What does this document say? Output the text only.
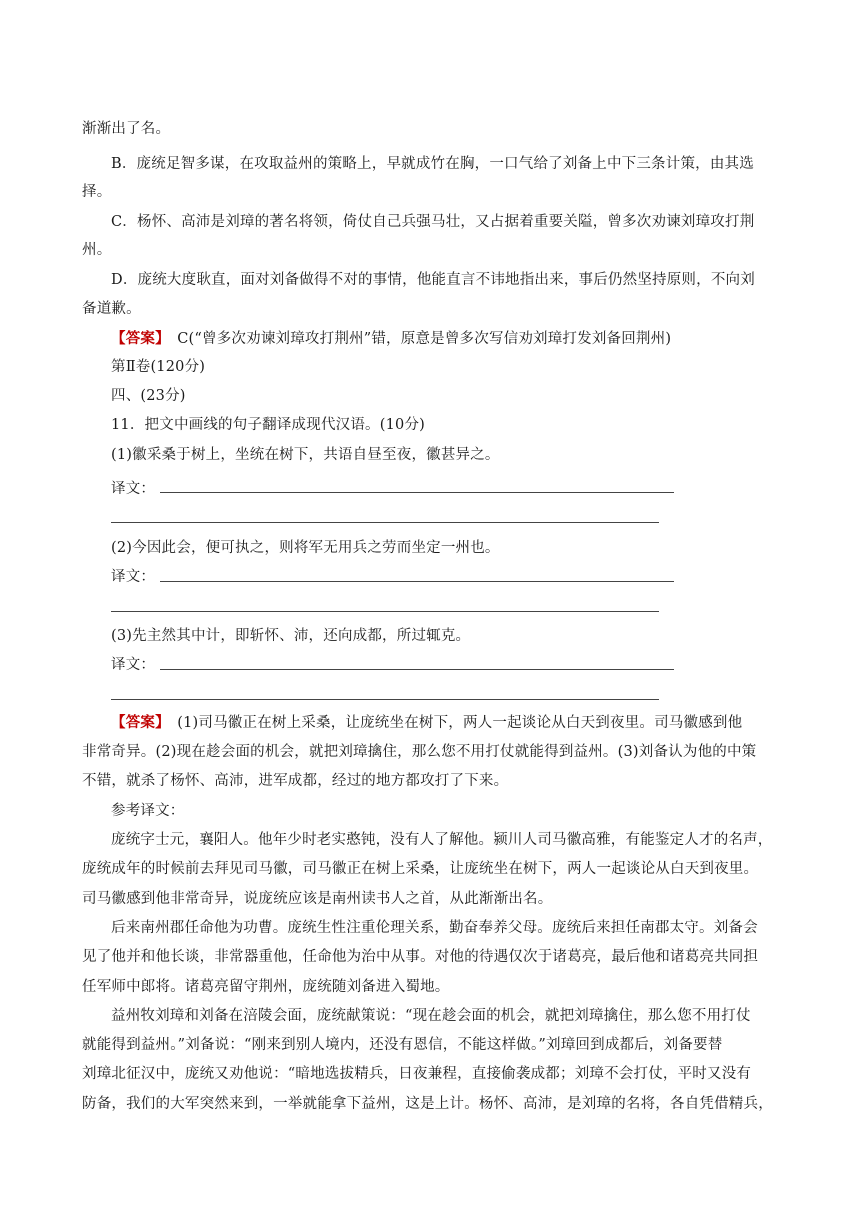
渐渐出了名。
B．庞统足智多谋，在攻取益州的策略上，早就成竹在胸，一口气给了刘备上中下三条计策，由其选
择。
C．杨怀、高沛是刘璋的著名将领，倚仗自己兵强马壮，又占据着重要关隘，曾多次劝谏刘璋攻打荆
州。
D．庞统大度耿直，面对刘备做得不对的事情，他能直言不讳地指出来，事后仍然坚持原则，不向刘
备道歉。
【答案】　C(“曾多次劝谏刘璋攻打荆州”错，原意是曾多次写信劝刘璋打发刘备回荆州)
第Ⅱ卷(120分)
四、(23分)
11．把文中画线的句子翻译成现代汉语。(10分)
(1)徽采桑于树上，坐统在树下，共语自昼至夜，徽甚异之。
译文：
(2)今因此会，便可执之，则将军无用兵之劳而坐定一州也。
译文：
(3)先主然其中计，即斩怀、沛，还向成都，所过辄克。
译文：
【答案】　(1)司马徽正在树上采桑，让庞统坐在树下，两人一起谈论从白天到夜里。司马徽感到他
非常奇异。(2)现在趁会面的机会，就把刘璋擒住，那么您不用打仗就能得到益州。(3)刘备认为他的中策
不错，就杀了杨怀、高沛，进军成都，经过的地方都攻打了下来。
参考译文：
庞统字士元，襄阳人。他年少时老实憨钝，没有人了解他。颍川人司马徽高雅，有能鉴定人才的名声，
庞统成年的时候前去拜见司马徽，司马徽正在树上采桑，让庞统坐在树下，两人一起谈论从白天到夜里。
司马徽感到他非常奇异，说庞统应该是南州读书人之首，从此渐渐出名。
后来南州郡任命他为功曹。庞统生性注重伦理关系，勤奋奉养父母。庞统后来担任南郡太守。刘备会
见了他并和他长谈，非常器重他，任命他为治中从事。对他的待遇仅次于诸葛亮，最后他和诸葛亮共同担
任军师中郎将。诸葛亮留守荆州，庞统随刘备进入蜀地。
益州牧刘璋和刘备在涪陵会面，庞统献策说：“现在趁会面的机会，就把刘璋擒住，那么您不用打仗
就能得到益州。”刘备说：“刚来到别人境内，还没有恩信，不能这样做。”刘璋回到成都后，刘备要替
刘璋北征汉中，庞统又劝他说：“暗地选拔精兵，日夜兼程，直接偷袭成都；刘璋不会打仗，平时又没有
防备，我们的大军突然来到，一举就能拿下益州，这是上计。杨怀、高沛，是刘璋的名将，各自凭借精兵，
